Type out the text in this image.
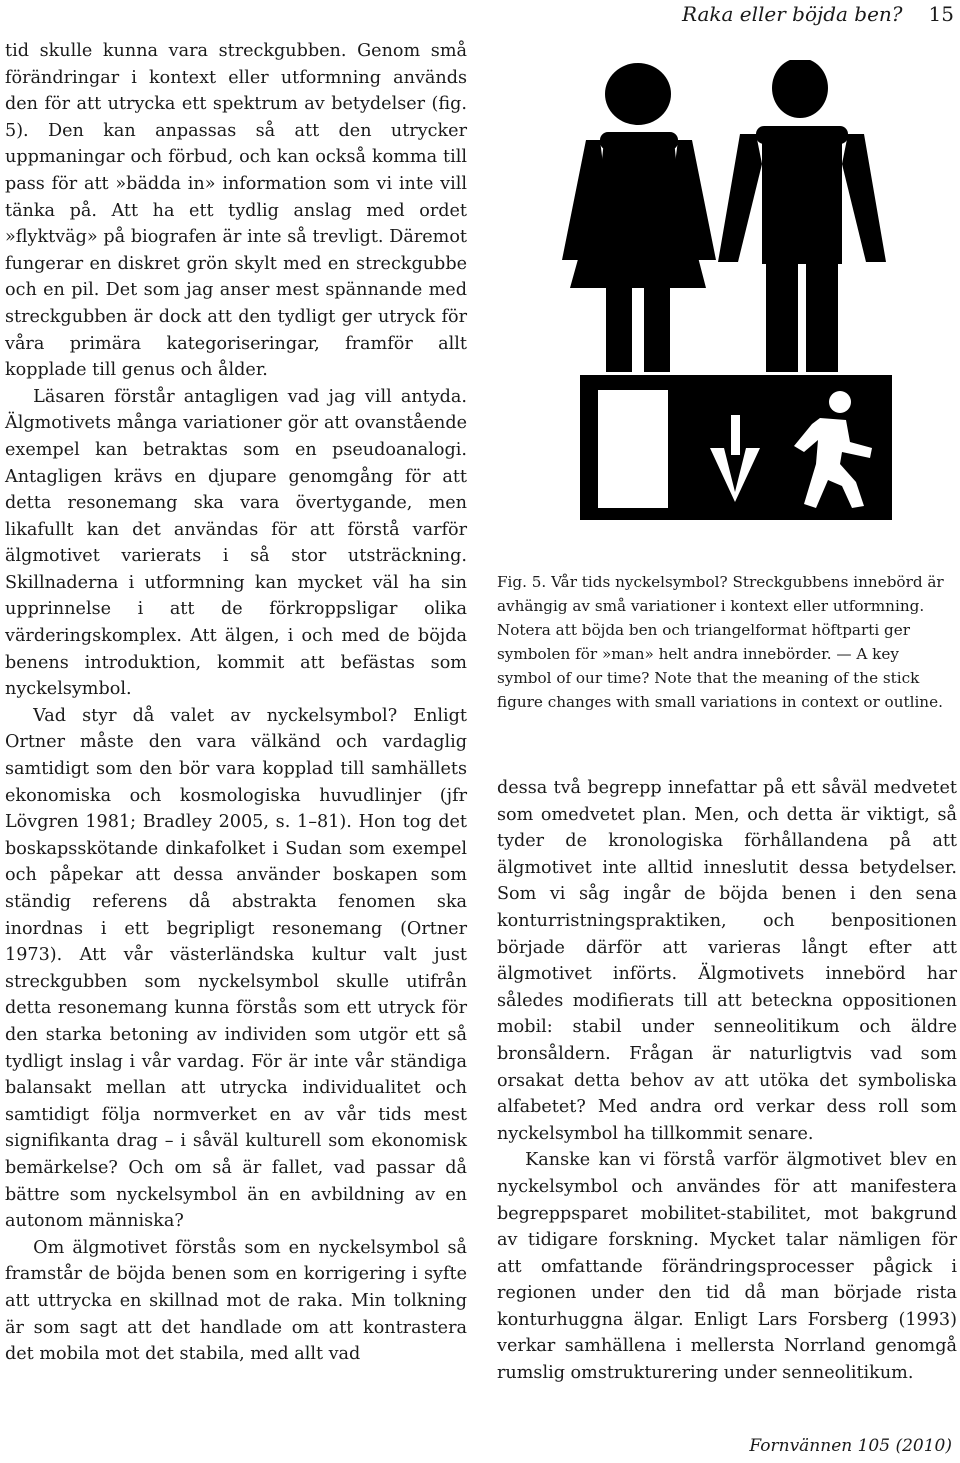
Raka eller böjda ben? 15

tid skulle kunna vara streckgubben. Genom små förändringar i kontext eller utformning används den för att utrycka ett spektrum av betydelser (fig. 5). Den kan anpassas så att den utrycker uppmaningar och förbud, och kan också komma till pass för att »bädda in» information som vi inte vill tänka på. Att ha ett tydlig anslag med ordet »flyktväg» på biografen är inte så trevligt. Däremot fungerar en diskret grön skylt med en streckgubbe och en pil. Det som jag anser mest spännande med streckgubben är dock att den tydligt ger utryck för våra primära kategoriseringar, framför allt kopplade till genus och ålder.

Läsaren förstår antagligen vad jag vill antyda. Älgmotivets många variationer gör att ovanstående exempel kan betraktas som en pseudoanalogi. Antagligen krävs en djupare genomgång för att detta resonemang ska vara övertygande, men likafullt kan det användas för att förstå varför älgmotivet varierats i så stor utsträckning. Skillnaderna i utformning kan mycket väl ha sin upprinnelse i att de förkroppsligar olika värderingskomplex. Att älgen, i och med de böjda benens introduktion, kommit att befästas som nyckelsymbol.

Vad styr då valet av nyckelsymbol? Enligt Ortner måste den vara välkänd och vardaglig samtidigt som den bör vara kopplad till samhällets ekonomiska och kosmologiska huvudlinjer (jfr Lövgren 1981; Bradley 2005, s. 1–81). Hon tog det boskapsskötande dinkafolket i Sudan som exempel och påpekar att dessa använder boskapen som ständig referens då abstrakta fenomen ska inordnas i ett begripligt resonemang (Ortner 1973). Att vår västerländska kultur valt just streckgubben som nyckelsymbol skulle utifrån detta resonemang kunna förstås som ett utryck för den starka betoning av individen som utgör ett så tydligt inslag i vår vardag. För är inte vår ständiga balansakt mellan att utrycka individualitet och samtidigt följa normverket en av vår tids mest signifikanta drag – i såväl kulturell som ekonomisk bemärkelse? Och om så är fallet, vad passar då bättre som nyckelsymbol än en avbildning av en autonom människa?

Om älgmotivet förstås som en nyckelsymbol så framstår de böjda benen som en korrigering i syfte att uttrycka en skillnad mot de raka. Min tolkning är som sagt att det handlade om att kontrastera det mobila mot det stabila, med allt vad

Fig. 5. Vår tids nyckelsymbol? Streckgubbens innebörd är avhängig av små variationer i kontext eller utformning. Notera att böjda ben och triangelformat höftparti ger symbolen för »man» helt andra innebörder. — A key symbol of our time? Note that the meaning of the stick figure changes with small variations in context or outline.

dessa två begrepp innefattar på ett såväl medvetet som omedvetet plan. Men, och detta är viktigt, så tyder de kronologiska förhållandena på att älgmotivet inte alltid inneslutit dessa betydelser. Som vi såg ingår de böjda benen i den sena konturristningspraktiken, och benpositionen började därför att varieras långt efter att älgmotivet införts. Älgmotivets innebörd har således modifierats till att beteckna oppositionen mobil: stabil under senneolitikum och äldre bronsåldern. Frågan är naturligtvis vad som orsakat detta behov av att utöka det symboliska alfabetet? Med andra ord verkar dess roll som nyckelsymbol ha tillkommit senare.

Kanske kan vi förstå varför älgmotivet blev en nyckelsymbol och användes för att manifestera begreppsparet mobilitet-stabilitet, mot bakgrund av tidigare forskning. Mycket talar nämligen för att omfattande förändringsprocesser pågick i regionen under den tid då man började rista konturhuggna älgar. Enligt Lars Forsberg (1993) verkar samhällena i mellersta Norrland genomgå rumslig omstrukturering under senneolitikum.

Fornvännen 105 (2010)
